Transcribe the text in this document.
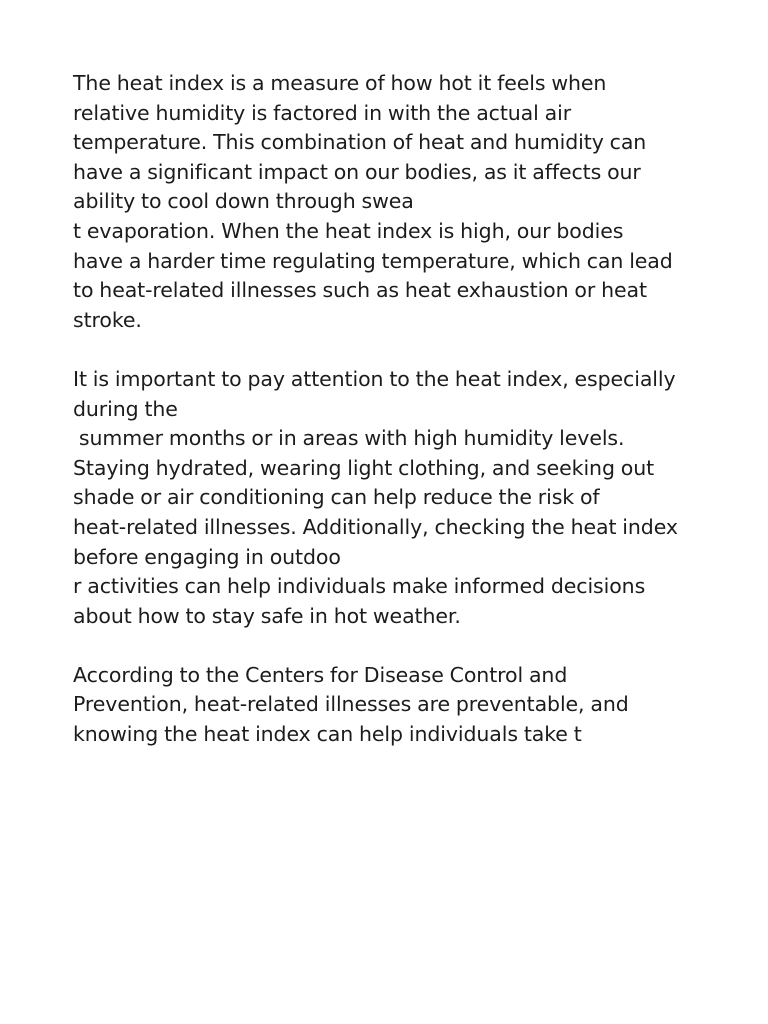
The heat index is a measure of how hot it feels when
relative humidity is factored in with the actual air
temperature. This combination of heat and humidity can
have a significant impact on our bodies, as it affects our
ability to cool down through swea
t evaporation. When the heat index is high, our bodies
have a harder time regulating temperature, which can lead
to heat-related illnesses such as heat exhaustion or heat
stroke.
It is important to pay attention to the heat index, especially
during the
summer months or in areas with high humidity levels.
Staying hydrated, wearing light clothing, and seeking out
shade or air conditioning can help reduce the risk of
heat-related illnesses. Additionally, checking the heat index
before engaging in outdoo
r activities can help individuals make informed decisions
about how to stay safe in hot weather.
According to the Centers for Disease Control and
Prevention, heat-related illnesses are preventable, and
knowing the heat index can help individuals take t
